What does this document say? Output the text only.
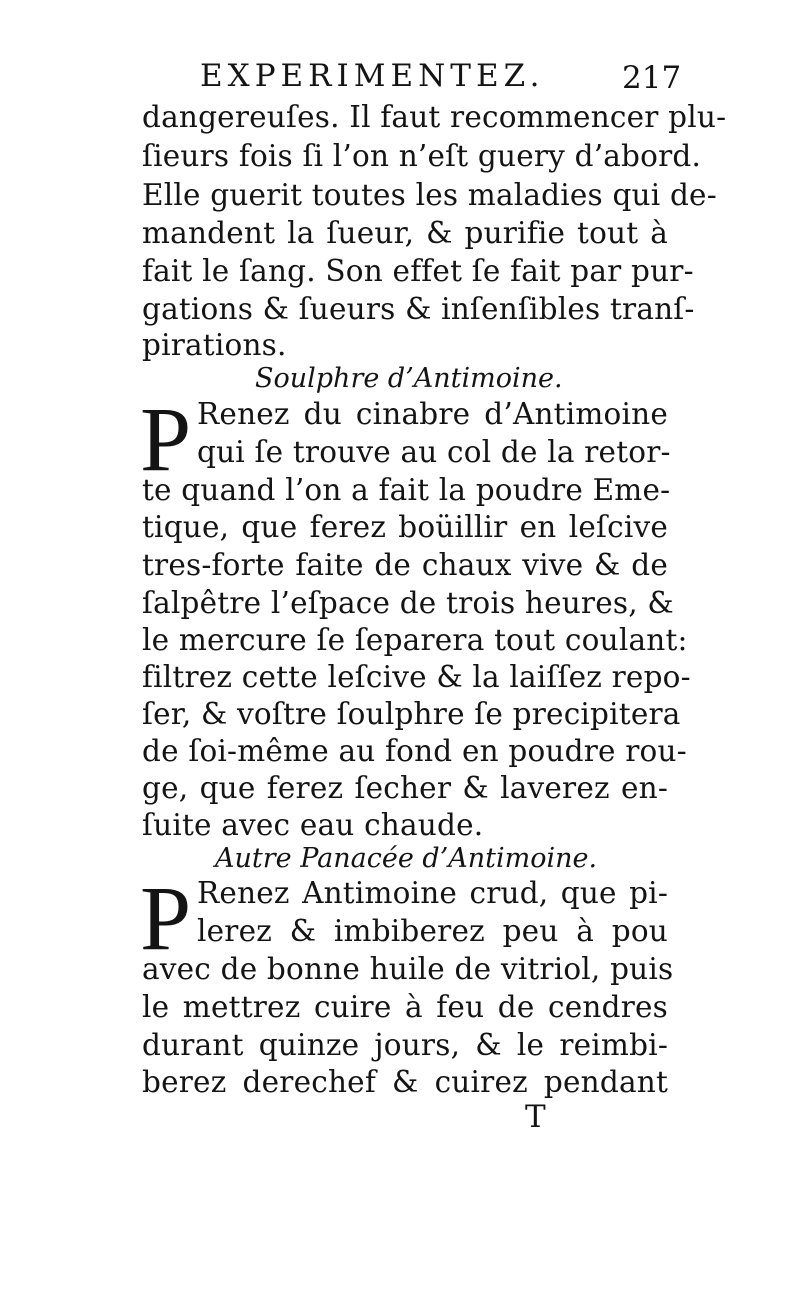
EXPERIMENTEZ.	217
dangereuſes. Il faut recommencer plu-
ſieurs fois ſi l’on n’eſt guery d’abord.
Elle guerit toutes les maladies qui de-
mandent la ſueur, & purifie tout à
fait le ſang. Son effet ſe fait par pur-
gations & ſueurs & inſenſibles tranſ-
pirations.
Soulphre d’Antimoine.
P Renez du cinabre d’Antimoine
qui ſe trouve au col de la retor-
te quand l’on a fait la poudre Eme-
tique, que ferez boüillir en leſcive
tres-forte faite de chaux vive & de
ſalpêtre l’eſpace de trois heures, &
le mercure ſe ſeparera tout coulant:
filtrez cette leſcive & la laiſſez repo-
ſer, & voſtre ſoulphre ſe precipitera
de ſoi-même au fond en poudre rou-
ge, que ferez ſecher & laverez en-
ſuite avec eau chaude.
Autre Panacée d’Antimoine.
P Renez Antimoine crud, que pi-
lerez & imbiberez peu à pou
avec de bonne huile de vitriol, puis
le mettrez cuire à feu de cendres
durant quinze jours, & le reimbi-
berez derechef & cuirez pendant
T
